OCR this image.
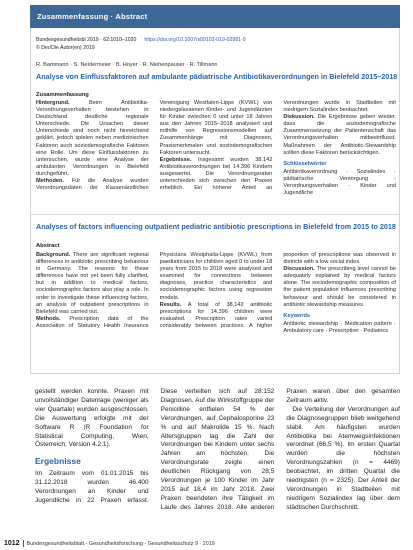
Zusammenfassung · Abstract
Bundesgesundheitsbl 2019 · 62:1010–1020 https://doi.org/10.1007/s00103-019-02981-9
© Der/Die Autor(en) 2019
R. Bammann · S. Neidermeier · B. Hoyer · R. Niehenpauser · R. Tillmann
Analyse von Einflussfaktoren auf ambulante pädiatrische Antibiotikaverordnungen in Bielefeld 2015–2018
Zusammenfassung

Hintergrund.	Beim Antibiotika-Verordnungsverhalten bestehen in Deutschland deutliche regionale Unterschiede. Die Ursachen dieser Unterschiede sind noch nicht hinreichend geklärt, jedoch spielen neben medizinischen Faktoren auch soziodemografische Faktoren eine Rolle. Um diese Einflussfaktoren zu untersuchen, wurde eine Analyse der ambulanten Verordnungen in Bielefeld durchgeführt.

Methoden. Für die Analyse wurden Verordnungsdaten der Kassenärztlichen Vereinigung Westfalen-Lippe (KVWL) von niedergelassenen Kinder- und Jugendärzten für Kinder zwischen 0 und unter 18 Jahren aus den Jahren 2015–2018 analysiert und mithilfe von Regressionsmodellen auf Zusammenhänge mit Diagnosen, Praxismerkmalen und soziodemografischen Faktoren untersucht.

Ergebnisse. Insgesamt wurden 38.142 Antibiotikaverordnungen bei 14.396 Kindern ausgewertet. Die Verordnungsraten unterschieden sich zwischen den Praxen erheblich. Ein höherer Anteil an Verordnungen wurde in Stadtteilen mit niedrigem Sozialindex beobachtet.

Diskussion. Die Ergebnisse geben wieder, dass die soziodemografische Zusammensetzung der Patientenschaft das Verordnungsverhalten mitbeeinflusst. Maßnahmen der Antibiotic-Stewardship sollten diese Faktoren berücksichtigen.

Schlüsselwörter
Antibiotikaverordnung · Sozialindex · pädiatrische Versorgung · Verordnungsverhalten · Kinder und Jugendliche
Analyses of factors influencing outpatient pediatric antibiotic prescriptions in Bielefeld from 2015 to 2018
Abstract

Background. There are significant regional differences in antibiotic prescribing behaviour in Germany. The reasons for these differences have not yet been fully clarified, but in addition to medical factors, sociodemographic factors also play a role. In order to investigate these influencing factors, an analysis of outpatient prescriptions in Bielefeld was carried out.

Methods. Prescription data of the Association of Statutory Health Insurance Physicians Westphalia-Lippe (KVWL) from paediatricians for children aged 0 to under 18 years from 2015 to 2018 were analysed and examined for connections between diagnoses, practice characteristics and sociodemographic factors using regression models.

Results. A total of 38,142 antibiotic prescriptions for 14,396 children were evaluated. Prescription rates varied considerably between practices. A higher proportion of prescriptions was observed in districts with a low social index.

Discussion. The prescribing level cannot be adequately explained by medical factors alone. The sociodemographic composition of the patient population influences prescribing behaviour and should be considered in antibiotic stewardship measures.

Keywords
Antibiotic stewardship · Medication pattern · Ambulatory care · Prescription · Pediatrics

gestellt werden konnte. Praxen mit unvollständiger Datenlage (weniger als vier Quartale) wurden ausgeschlossen. Die Auswertung erfolgte mit der Software R (R Foundation for Statistical Computing, Wien, Österreich; Version 4.2.1).

Ergebnisse

Im Zeitraum vom 01.01.2015 bis 31.12.2018 wurden 46.400 Verordnungen an Kinder und Jugendliche in 22 Praxen erfasst. Diese verteilten sich auf 28.152 Diagnosen. Auf die Wirkstoffgruppe der Penicilline entfielen 54 % der Verordnungen, auf Cephalosporine 23 % und auf Makrolide 15 %. Nach Altersgruppen lag die Zahl der Verordnungen bei Kindern unter sechs Jahren am höchsten. Die Verordnungsrate zeigte einen deutlichen Rückgang von 28,5 Verordnungen je 100 Kinder im Jahr 2015 auf 18,4 im Jahr 2018. Zwei Praxen beendeten ihre Tätigkeit im Laufe des Jahres 2018. Alle anderen Praxen waren über den gesamten Zeitraum aktiv.

Die Verteilung der Verordnungen auf die Diagnosegruppen blieb weitgehend stabil. Am häufigsten wurden Antibiotika bei Atemwegsinfektionen verordnet (66,5 %). Im ersten Quartal wurden die höchsten Verordnungszahlen (n = 4469) beobachtet, im dritten Quartal die niedrigsten (n = 2325). Der Anteil der Verordnungen in Stadtteilen mit niedrigem Sozialindex lag über dem städtischen Durchschnitt.

1012	Bundesgesundheitsblatt - Gesundheitsforschung - Gesundheitsschutz 9 · 2019
